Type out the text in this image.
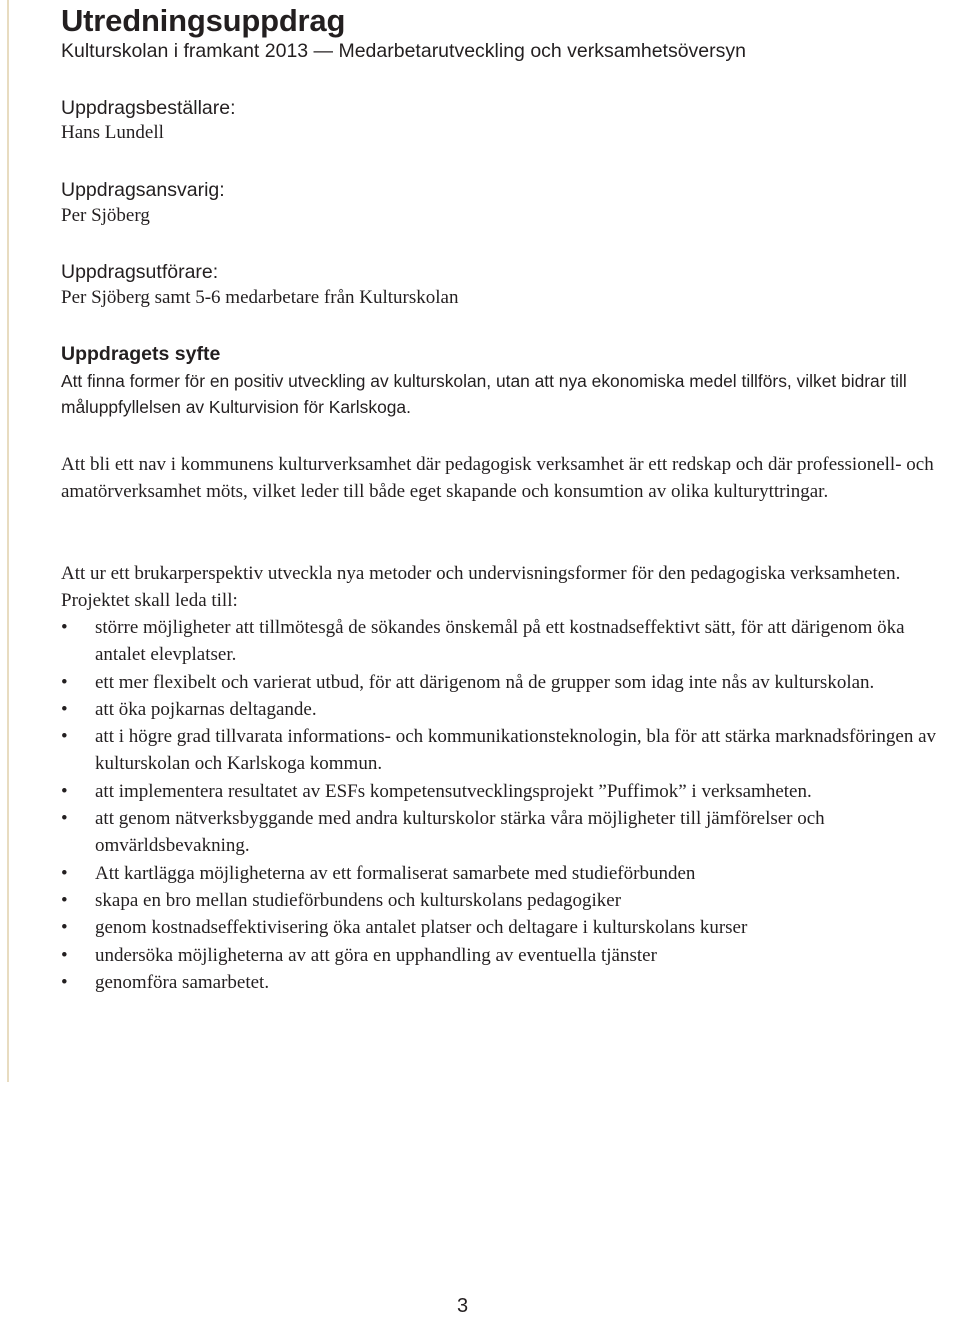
Utredningsuppdrag

Kulturskolan i framkant 2013 — Medarbetarutveckling och verksamhetsöversyn

Uppdragsbeställare:

Hans Lundell

Uppdragsansvarig:

Per Sjöberg

Uppdragsutförare:

Per Sjöberg samt 5-6 medarbetare från Kulturskolan

Uppdragets syfte

Att finna former för en positiv utveckling av kulturskolan, utan att nya ekonomiska medel tillförs, vilket bidrar till måluppfyllelsen av Kulturvision för Karlskoga.

Att bli ett nav i kommunens kulturverksamhet där pedagogisk verksamhet är ett redskap och där professionell- och amatörverksamhet möts, vilket leder till både eget skapande och konsumtion av olika kulturyttringar.

Att ur ett brukarperspektiv utveckla nya metoder och undervisningsformer för den pedagogiska verksamheten. Projektet skall leda till:

• större möjligheter att tillmötesgå de sökandes önskemål på ett kostnadseffektivt sätt, för att därigenom öka antalet elevplatser.
• ett mer flexibelt och varierat utbud, för att därigenom nå de grupper som idag inte nås av kulturskolan.
• att öka pojkarnas deltagande.
• att i högre grad tillvarata informations- och kommunikationsteknologin, bla för att stärka marknadsföringen av kulturskolan och Karlskoga kommun.
• att implementera resultatet av ESFs kompetensutvecklingsprojekt ”Puffimok” i verksamheten.
• att genom nätverksbyggande med andra kulturskolor stärka våra möjligheter till jämförelser och omvärldsbevakning.
• Att kartlägga möjligheterna av ett formaliserat samarbete med studieförbunden
• skapa en bro mellan studieförbundens och kulturskolans pedagogiker
• genom kostnadseffektivisering öka antalet platser och deltagare i kulturskolans kurser
• undersöka möjligheterna av att göra en upphandling av eventuella tjänster
• genomföra samarbetet.
3
